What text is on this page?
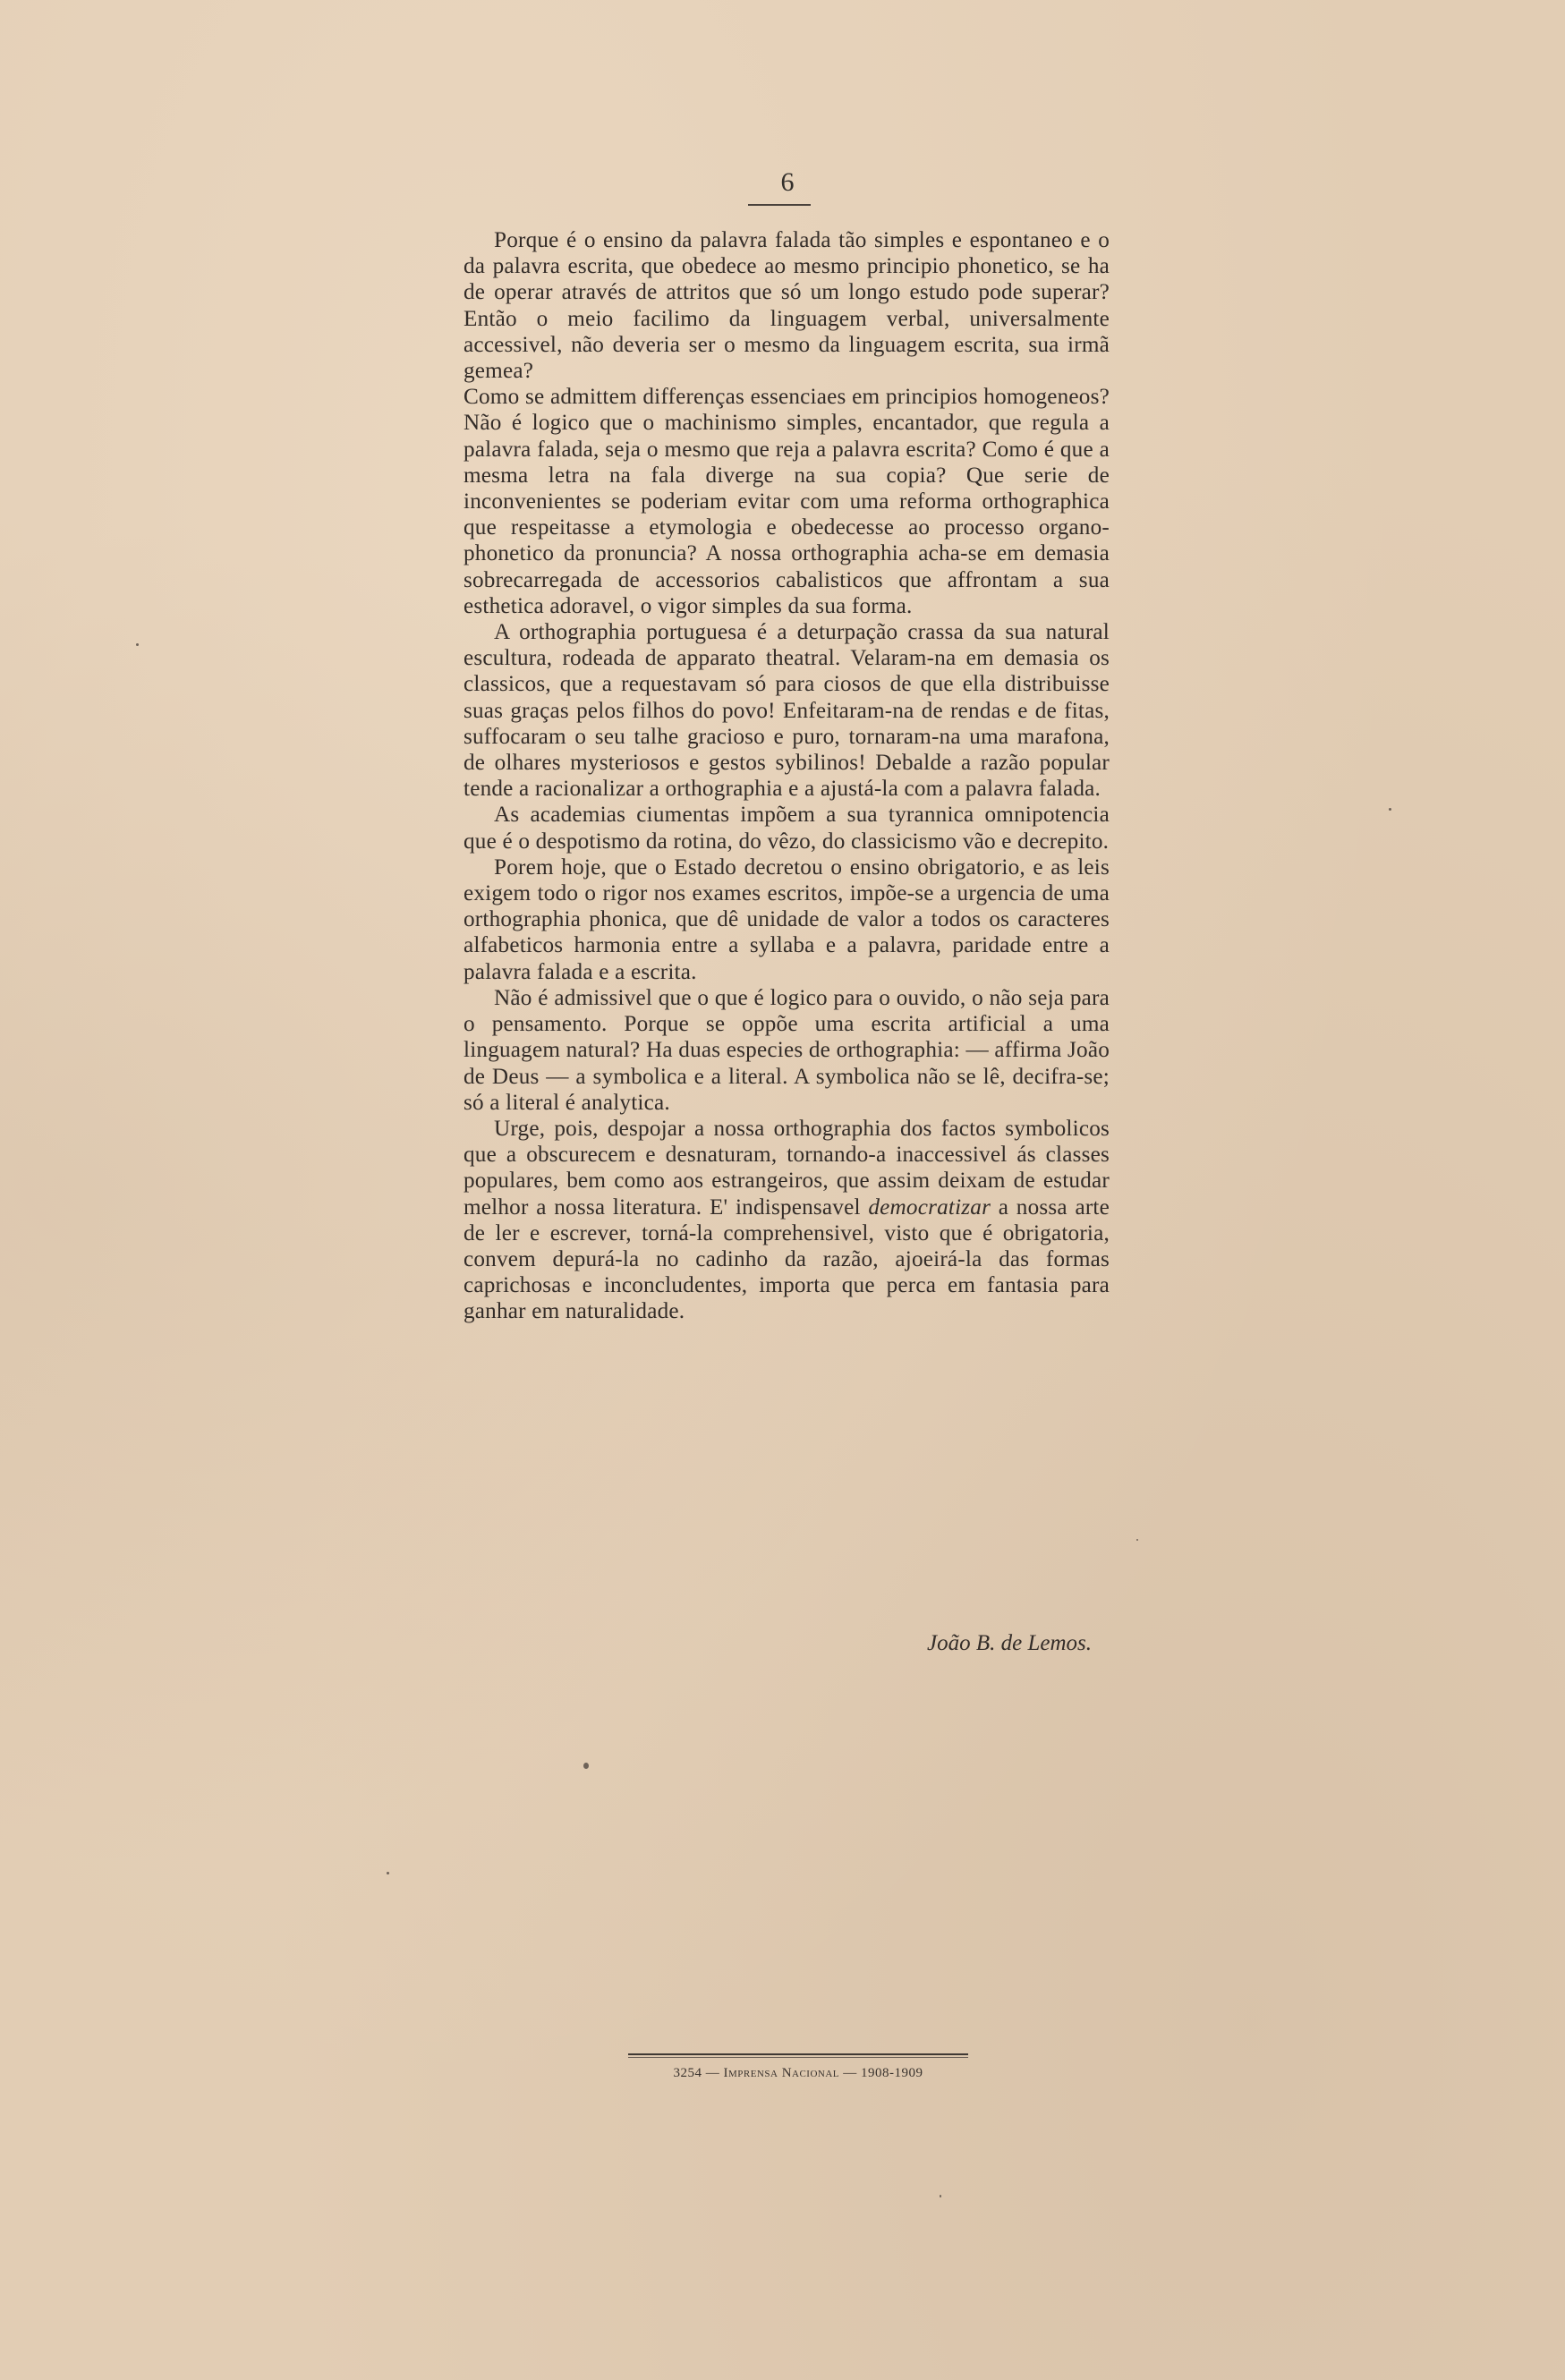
6

Porque é o ensino da palavra falada tão simples e espontaneo e o da palavra escrita, que obedece ao mesmo principio phonetico, se ha de operar através de attritos que só um longo estudo pode superar? Então o meio facilimo da linguagem verbal, universalmente accessivel, não deveria ser o mesmo da linguagem escrita, sua irmã gemea?

Como se admittem differenças essenciaes em principios homogeneos? Não é logico que o machinismo simples, encantador, que regula a palavra falada, seja o mesmo que reja a palavra escrita? Como é que a mesma letra na fala diverge na sua copia? Que serie de inconvenientes se poderiam evitar com uma reforma orthographica que respeitasse a etymologia e obedecesse ao processo organo-phonetico da pronuncia? A nossa orthographia acha-se em demasia sobrecarregada de accessorios cabalisticos que affrontam a sua esthetica adoravel, o vigor simples da sua forma.

A orthographia portuguesa é a deturpação crassa da sua natural escultura, rodeada de apparato theatral. Velaram-na em demasia os classicos, que a requestavam só para ciosos de que ella distribuisse suas graças pelos filhos do povo! Enfeitaram-na de rendas e de fitas, suffocaram o seu talhe gracioso e puro, tornaram-na uma marafona, de olhares mysteriosos e gestos sybilinos! Debalde a razão popular tende a racionalizar a orthographia e a ajustá-la com a palavra falada.

As academias ciumentas impõem a sua tyrannica omnipotencia que é o despotismo da rotina, do vêzo, do classicismo vão e decrepito.

Porem hoje, que o Estado decretou o ensino obrigatorio, e as leis exigem todo o rigor nos exames escritos, impõe-se a urgencia de uma orthographia phonica, que dê unidade de valor a todos os caracteres alfabeticos harmonia entre a syllaba e a palavra, paridade entre a palavra falada e a escrita.

Não é admissivel que o que é logico para o ouvido, o não seja para o pensamento. Porque se oppõe uma escrita artificial a uma linguagem natural? Ha duas especies de orthographia: — affirma João de Deus — a symbolica e a literal. A symbolica não se lê, decifra-se; só a literal é analytica.

Urge, pois, despojar a nossa orthographia dos factos symbolicos que a obscurecem e desnaturam, tornando-a inaccessivel ás classes populares, bem como aos estrangeiros, que assim deixam de estudar melhor a nossa literatura. E' indispensavel democratizar a nossa arte de ler e escrever, torná-la comprehensivel, visto que é obrigatoria, convem depurá-la no cadinho da razão, ajoeirá-la das formas caprichosas e inconcludentes, importa que perca em fantasia para ganhar em naturalidade.

João B. de Lemos.
3254 — Imprensa Nacional — 1908-1909
